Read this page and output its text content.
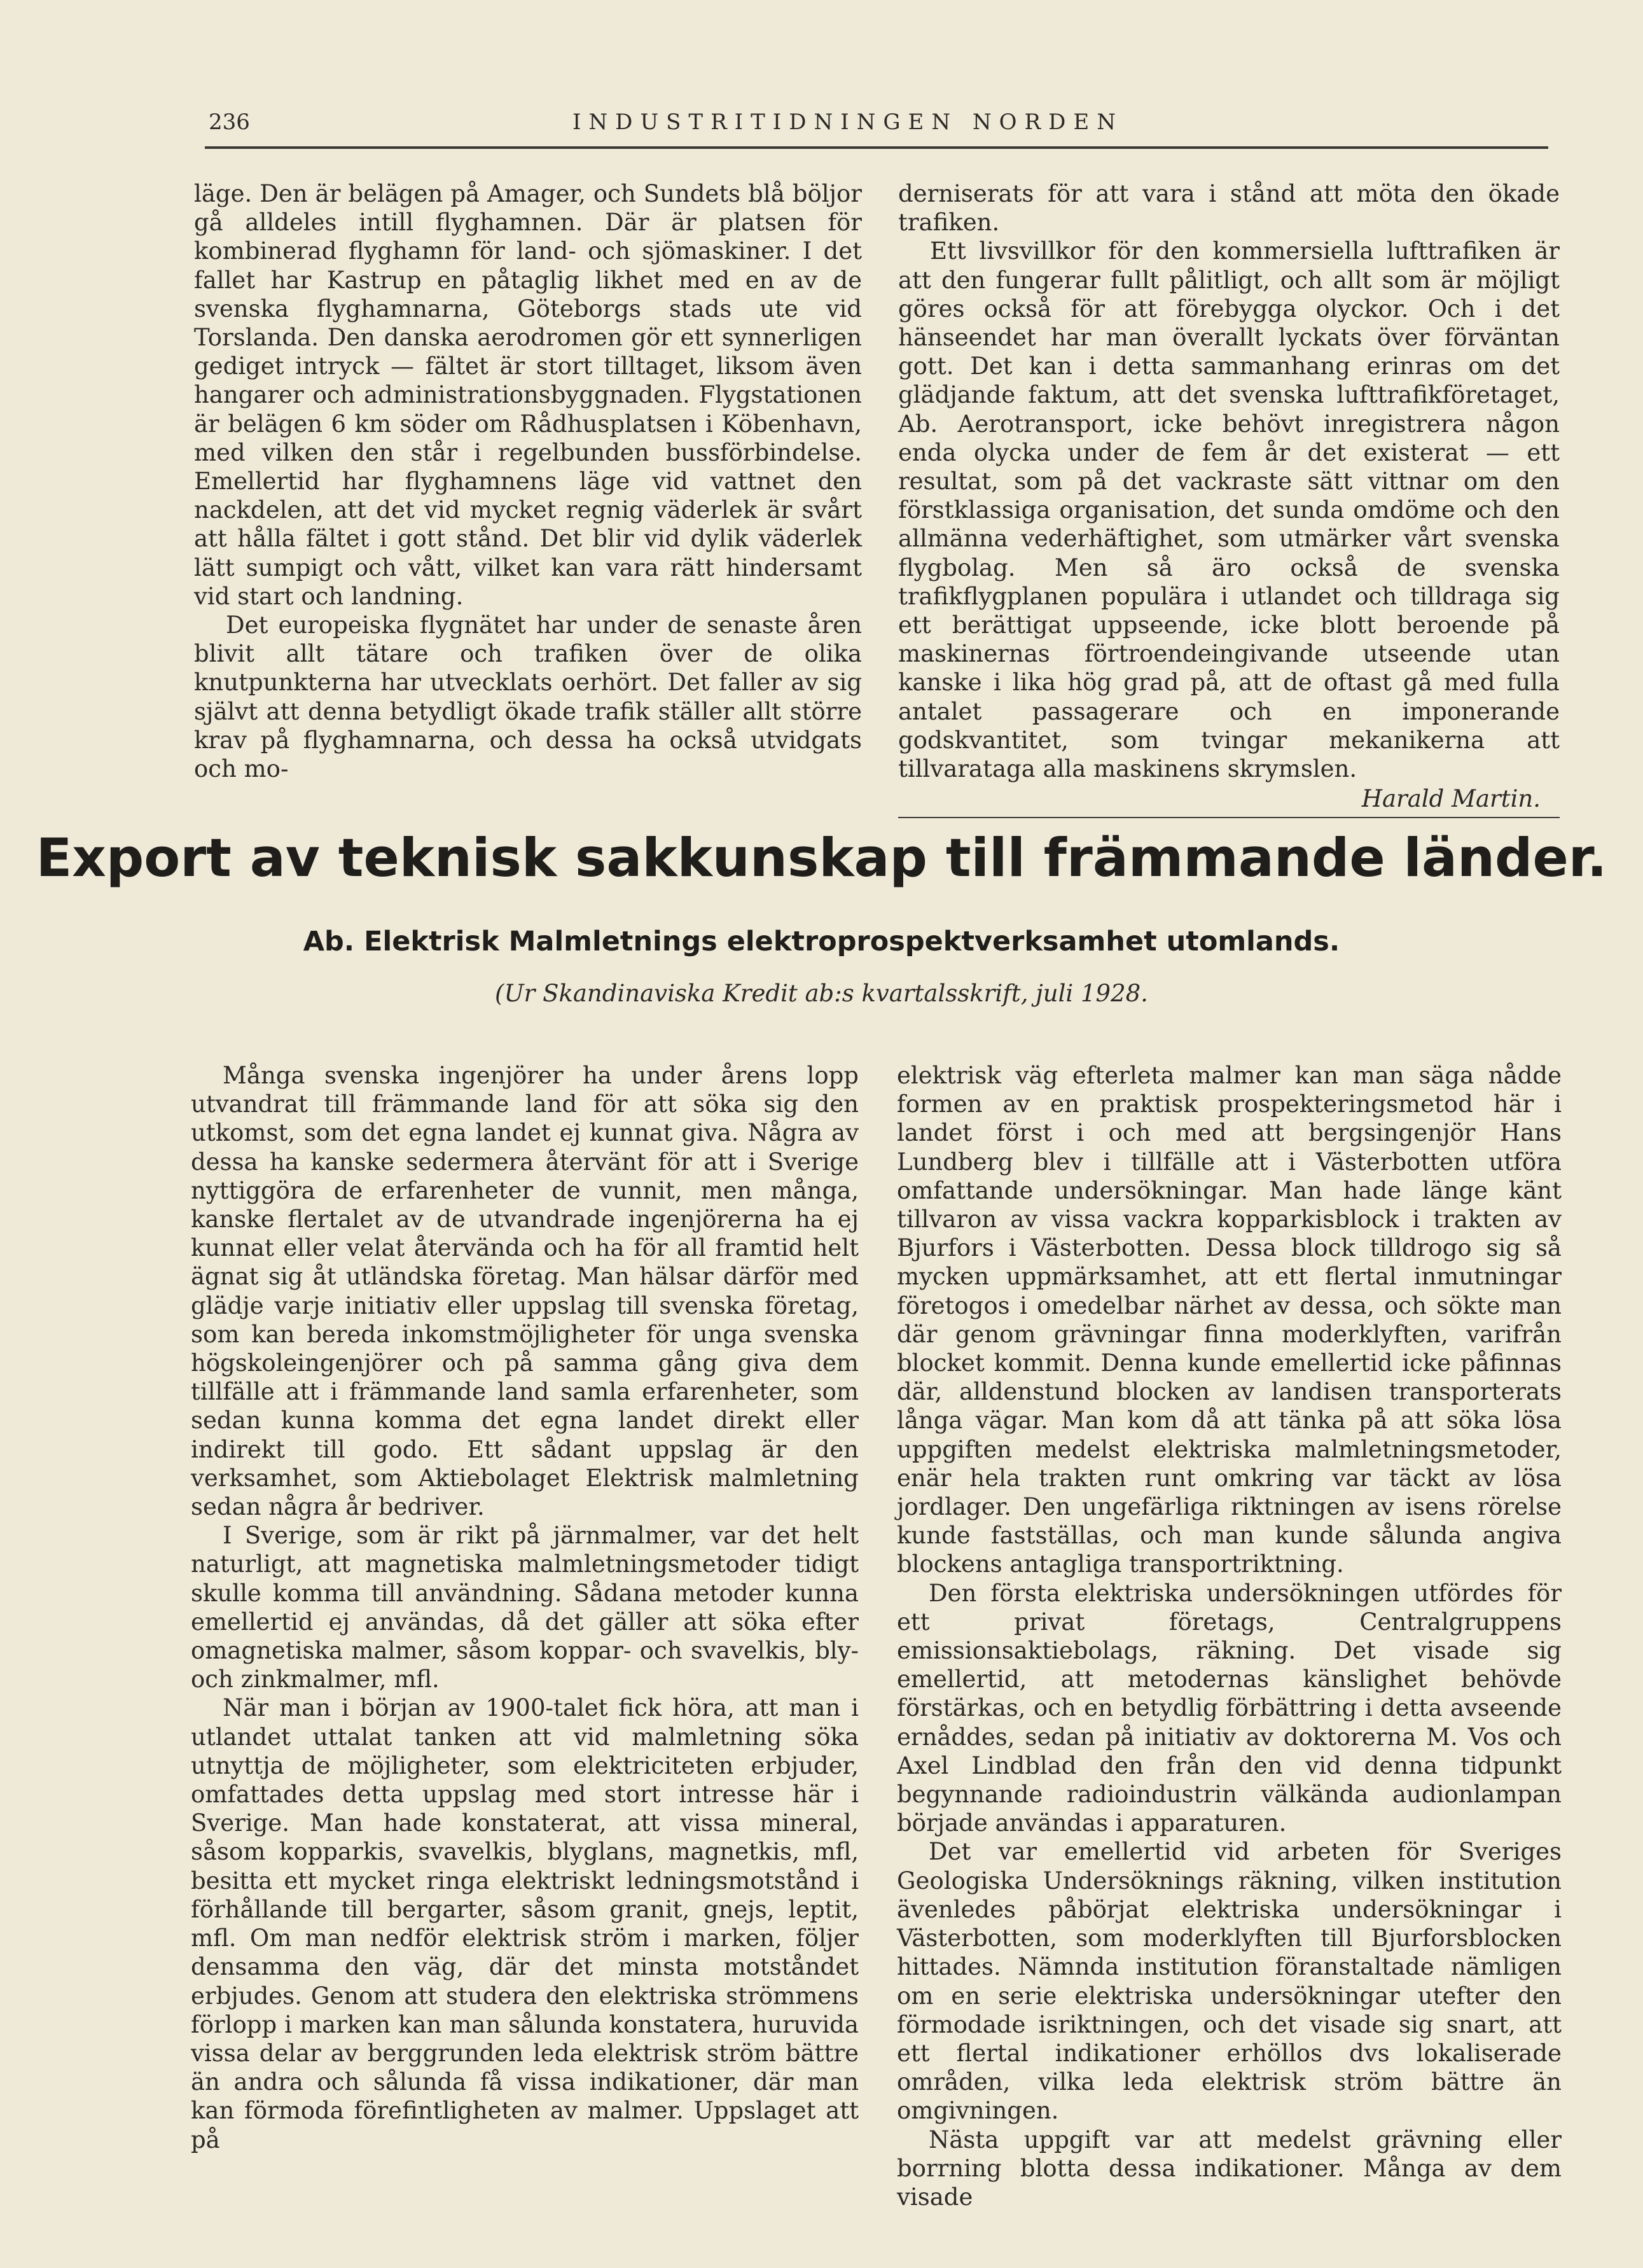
236	INDUSTRITIDNINGEN NORDEN

läge. Den är belägen på Amager, och Sundets blå böljor gå alldeles intill flyghamnen. Där är platsen för kombinerad flyghamn för land- och sjömaskiner. I det fallet har Kastrup en påtaglig likhet med en av de svenska flyghamnarna, Göteborgs stads ute vid Torslanda. Den danska aerodromen gör ett synnerligen gediget intryck — fältet är stort tilltaget, liksom även hangarer och administrationsbyggnaden. Flygstationen är belägen 6 km söder om Rådhusplatsen i Köbenhavn, med vilken den står i regelbunden bussförbindelse. Emellertid har flyghamnens läge vid vattnet den nackdelen, att det vid mycket regnig väderlek är svårt att hålla fältet i gott stånd. Det blir vid dylik väderlek lätt sumpigt och vått, vilket kan vara rätt hindersamt vid start och landning.

Det europeiska flygnätet har under de senaste åren blivit allt tätare och trafiken över de olika knutpunkterna har utvecklats oerhört. Det faller av sig självt att denna betydligt ökade trafik ställer allt större krav på flyghamnarna, och dessa ha också utvidgats och mo-

derniserats för att vara i stånd att möta den ökade trafiken.

Ett livsvillkor för den kommersiella lufttrafiken är att den fungerar fullt pålitligt, och allt som är möjligt göres också för att förebygga olyckor. Och i det hänseendet har man överallt lyckats över förväntan gott. Det kan i detta sammanhang erinras om det glädjande faktum, att det svenska lufttrafikföretaget, Ab. Aerotransport, icke behövt inregistrera någon enda olycka under de fem år det existerat — ett resultat, som på det vackraste sätt vittnar om den förstklassiga organisation, det sunda omdöme och den allmänna vederhäftighet, som utmärker vårt svenska flygbolag. Men så äro också de svenska trafikflygplanen populära i utlandet och tilldraga sig ett berättigat uppseende, icke blott beroende på maskinernas förtroendeingivande utseende utan kanske i lika hög grad på, att de oftast gå med fulla antalet passagerare och en imponerande godskvantitet, som tvingar mekanikerna att tillvarataga alla maskinens skrymslen.

Harald Martin.
Export av teknisk sakkunskap till främmande länder.
Ab. Elektrisk Malmletnings elektroprospektverksamhet utomlands.

(Ur Skandinaviska Kredit ab:s kvartalsskrift, juli 1928.

Många svenska ingenjörer ha under årens lopp utvandrat till främmande land för att söka sig den utkomst, som det egna landet ej kunnat giva. Några av dessa ha kanske sedermera återvänt för att i Sverige nyttiggöra de erfarenheter de vunnit, men många, kanske flertalet av de utvandrade ingenjörerna ha ej kunnat eller velat återvända och ha för all framtid helt ägnat sig åt utländska företag. Man hälsar därför med glädje varje initiativ eller uppslag till svenska företag, som kan bereda inkomstmöjligheter för unga svenska högskoleingenjörer och på samma gång giva dem tillfälle att i främmande land samla erfarenheter, som sedan kunna komma det egna landet direkt eller indirekt till godo. Ett sådant uppslag är den verksamhet, som Aktiebolaget Elektrisk malmletning sedan några år bedriver.

I Sverige, som är rikt på järnmalmer, var det helt naturligt, att magnetiska malmletningsmetoder tidigt skulle komma till användning. Sådana metoder kunna emellertid ej användas, då det gäller att söka efter omagnetiska malmer, såsom koppar- och svavelkis, bly- och zinkmalmer, mfl.

När man i början av 1900-talet fick höra, att man i utlandet uttalat tanken att vid malmletning söka utnyttja de möjligheter, som elektriciteten erbjuder, omfattades detta uppslag med stort intresse här i Sverige. Man hade konstaterat, att vissa mineral, såsom kopparkis, svavelkis, blyglans, magnetkis, mfl, besitta ett mycket ringa elektriskt ledningsmotstånd i förhållande till bergarter, såsom granit, gnejs, leptit, mfl. Om man nedför elektrisk ström i marken, följer densamma den väg, där det minsta motståndet erbjudes. Genom att studera den elektriska strömmens förlopp i marken kan man sålunda konstatera, huruvida vissa delar av berggrunden leda elektrisk ström bättre än andra och sålunda få vissa indikationer, där man kan förmoda förefintligheten av malmer. Uppslaget att på

elektrisk väg efterleta malmer kan man säga nådde formen av en praktisk prospekteringsmetod här i landet först i och med att bergsingenjör Hans Lundberg blev i tillfälle att i Västerbotten utföra omfattande undersökningar. Man hade länge känt tillvaron av vissa vackra kopparkisblock i trakten av Bjurfors i Västerbotten. Dessa block tilldrogo sig så mycken uppmärksamhet, att ett flertal inmutningar företogos i omedelbar närhet av dessa, och sökte man där genom grävningar finna moderklyften, varifrån blocket kommit. Denna kunde emellertid icke påfinnas där, alldenstund blocken av landisen transporterats långa vägar. Man kom då att tänka på att söka lösa uppgiften medelst elektriska malmletningsmetoder, enär hela trakten runt omkring var täckt av lösa jordlager. Den ungefärliga riktningen av isens rörelse kunde fastställas, och man kunde sålunda angiva blockens antagliga transportriktning.

Den första elektriska undersökningen utfördes för ett privat företags, Centralgruppens emissionsaktiebolags, räkning. Det visade sig emellertid, att metodernas känslighet behövde förstärkas, och en betydlig förbättring i detta avseende ernåddes, sedan på initiativ av doktorerna M. Vos och Axel Lindblad den från den vid denna tidpunkt begynnande radioindustrin välkända audionlampan började användas i apparaturen.

Det var emellertid vid arbeten för Sveriges Geologiska Undersöknings räkning, vilken institution ävenledes påbörjat elektriska undersökningar i Västerbotten, som moderklyften till Bjurforsblocken hittades. Nämnda institution föranstaltade nämligen om en serie elektriska undersökningar utefter den förmodade isriktningen, och det visade sig snart, att ett flertal indikationer erhöllos dvs lokaliserade områden, vilka leda elektrisk ström bättre än omgivningen.

Nästa uppgift var att medelst grävning eller borrning blotta dessa indikationer. Många av dem visade
